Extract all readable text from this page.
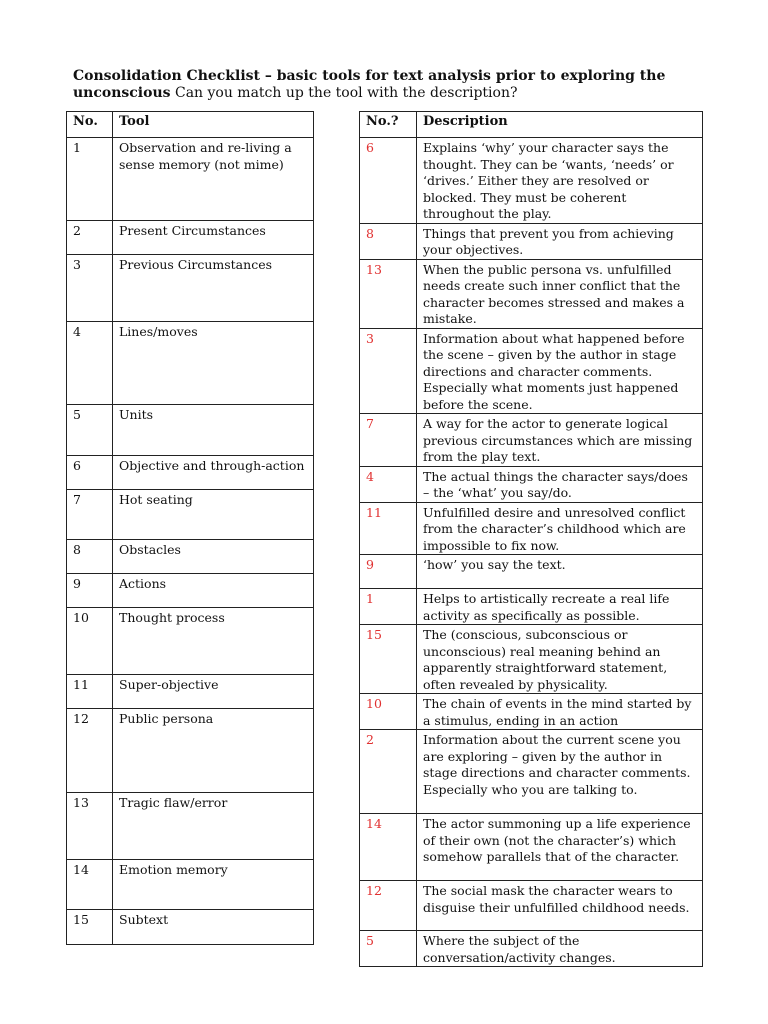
Consolidation Checklist – basic tools for text analysis prior to exploring the unconscious Can you match up the tool with the description?
No.	Tool
1	Observation and re-living a sense memory (not mime)
2	Present Circumstances
3	Previous Circumstances
4	Lines/moves
5	Units
6	Objective and through-action
7	Hot seating
8	Obstacles
9	Actions
10	Thought process
11	Super-objective
12	Public persona
13	Tragic flaw/error
14	Emotion memory
15	Subtext
No.?	Description
6	Explains ‘why’ your character says the thought. They can be ‘wants, ‘needs’ or ‘drives.’ Either they are resolved or blocked. They must be coherent throughout the play.
8	Things that prevent you from achieving your objectives.
13	When the public persona vs. unfulfilled needs create such inner conflict that the character becomes stressed and makes a mistake.
3	Information about what happened before the scene – given by the author in stage directions and character comments. Especially what moments just happened before the scene.
7	A way for the actor to generate logical previous circumstances which are missing from the play text.
4	The actual things the character says/does – the ‘what’ you say/do.
11	Unfulfilled desire and unresolved conflict from the character’s childhood which are impossible to fix now.
9	‘how’ you say the text.
1	Helps to artistically recreate a real life activity as specifically as possible.
15	The (conscious, subconscious or unconscious) real meaning behind an apparently straightforward statement, often revealed by physicality.
10	The chain of events in the mind started by a stimulus, ending in an action
2	Information about the current scene you are exploring – given by the author in stage directions and character comments. Especially who you are talking to.
14	The actor summoning up a life experience of their own (not the character’s) which somehow parallels that of the character.
12	The social mask the character wears to disguise their unfulfilled childhood needs.
5	Where the subject of the conversation/activity changes.
